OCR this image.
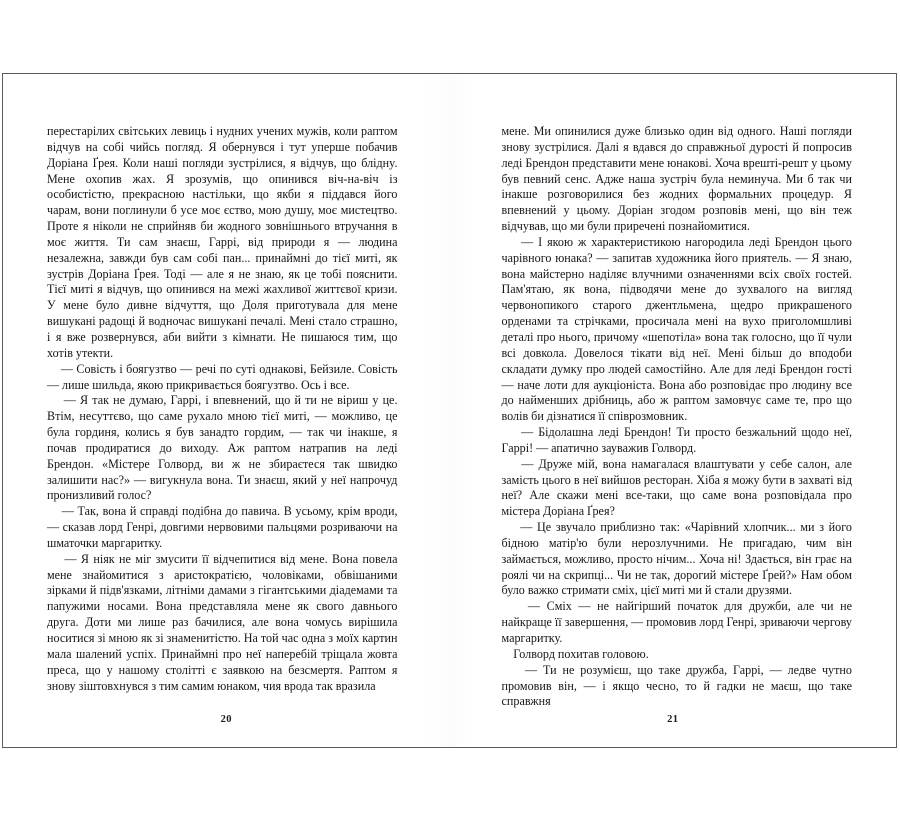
перестарілих світських левиць і нудних учених мужів, коли раптом відчув на собі чийсь погляд. Я обернувся і тут уперше побачив Доріана Ґрея. Коли наші погляди зустрілися, я відчув, що бліднy. Мене охопив жах. Я зрозумів, що опинився віч-на-віч із особистістю, прекрасною настільки, що якби я піддався його чарам, вони поглинули б усе моє єство, мою душу, моє мистецтво. Проте я ніколи не сприйняв би жодного зовнішнього втручання в моє життя. Ти сам знаєш, Гаррі, від природи я — людина незалежна, завжди був сам собі пан... принаймні до тієї миті, як зустрів Доріана Ґрея. Тоді — але я не знаю, як це тобі пояснити. Тієї миті я відчув, що опинився на межі жахливої життєвої кризи. У мене було дивне відчуття, що Доля приготувала для мене вишукані радощі й водночас вишукані печалі. Мені стало страшно, і я вже розвернувся, аби вийти з кімнати. Не пишаюся тим, що хотів утекти.

— Совість і боягузтво — речі по суті однакові, Бейзиле. Совість — лише шильда, якою прикривається боягузтво. Ось і все.

— Я так не думаю, Гаррі, і впевнений, що й ти не віриш у це. Втім, несуттєво, що саме рухало мною тієї миті, — можливо, це була гординя, колись я був занадто гордим, — так чи інакше, я почав продиратися до виходу. Аж раптом натрапив на леді Брендон. «Містере Голворд, ви ж не збираєтеся так швидко залишити нас?» — вигукнула вона. Ти знаєш, який у неї напрочуд пронизливий голос?

— Так, вона й справді подібна до павича. В усьому, крім вроди, — сказав лорд Генрі, довгими нервовими пальцями розриваючи на шматочки маргаритку.

— Я ніяк не міг змусити її відчепитися від мене. Вона повела мене знайомитися з аристократією, чоловіками, обвішаними зірками й підв'язками, літніми дамами з гігантськими діадемами та папужими носами. Вона представляла мене як свого давнього друга. Доти ми лише раз бачилися, але вона чомусь вирішила носитися зі мною як зі знаменитістю. На той час одна з моїх картин мала шалений успіх. Принаймні про неї наперебій тріщала жовта преса, що у нашому столітті є заявкою на безсмертя. Раптом я знову зіштовхнувся з тим самим юнаком, чия врода так вразила

20

мене. Ми опинилися дуже близько один від одного. Наші погляди знову зустрілися. Далі я вдався до справжньої дурості й попросив леді Брендон представити мене юнакові. Хоча врешті-решт у цьому був певний сенс. Адже наша зустріч була неминуча. Ми б так чи інакше розговорилися без жодних формальних процедур. Я впевнений у цьому. Доріан згодом розповів мені, що він теж відчував, що ми були приречені познайомитися.

— І якою ж характеристикою нагородила леді Брендон цього чарівного юнака? — запитав художника його приятель. — Я знаю, вона майстерно наділяє влучними означеннями всіх своїх гостей. Пам'ятаю, як вона, підводячи мене до зухвалого на вигляд червонопикого старого джентльмена, щедро прикрашеного орденами та стрічками, просичала мені на вухо приголомшливі деталі про нього, причому «шепотіла» вона так голосно, що її чули всі довкола. Довелося тікати від неї. Мені більш до вподоби складати думку про людей самостійно. Але для леді Брендон гості — наче лоти для аукціоніста. Вона або розповідає про людину все до найменших дрібниць, або ж раптом замовчує саме те, про що волів би дізнатися її співрозмовник.

— Бідолашна леді Брендон! Ти просто безжальний щодо неї, Гаррі! — апатично зауважив Голворд.

— Друже мій, вона намагалася влаштувати у себе салон, але замість цього в неї вийшов ресторан. Хіба я можу бути в захваті від неї? Але скажи мені все-таки, що саме вона розповідала про містера Доріана Ґрея?

— Це звучало приблизно так: «Чарівний хлопчик... ми з його бідною матір'ю були нерозлучними. Не пригадаю, чим він займається, можливо, просто нічим... Хоча ні! Здається, він грає на роялі чи на скрипці... Чи не так, дорогий містере Ґрей?» Нам обом було важко стримати сміх, цієї миті ми й стали друзями.

— Сміх — не найгірший початок для дружби, але чи не найкраще її завершення, — промовив лорд Генрі, зриваючи чергову маргаритку.

Голворд похитав головою.

— Ти не розумієш, що таке дружба, Гаррі, — ледве чутно промовив він, — і якщо чесно, то й гадки не маєш, що таке справжня

21
